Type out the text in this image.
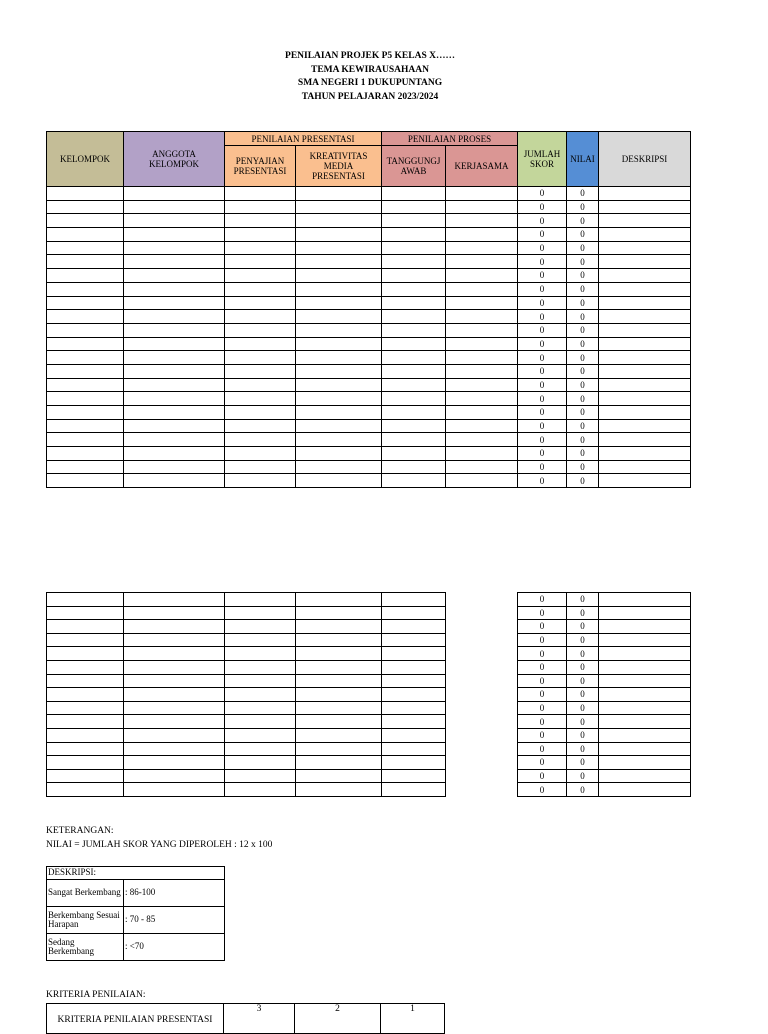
PENILAIAN PROJEK P5 KELAS X……
TEMA KEWIRAUSAHAAN
SMA NEGERI 1 DUKUPUNTANG
TAHUN PELAJARAN 2023/2024
KELOMPOK	ANGGOTA KELOMPOK	PENILAIAN PRESENTASI		PENILAIAN PROSES		JUMLAH SKOR	NILAI	DESKRIPSI
		PENYAJIAN PRESENTASI	KREATIVITAS MEDIA PRESENTASI	TANGGUNGJ AWAB	KERJASAMA			
						0	0	
						0	0	
						0	0	
						0	0	
						0	0	
						0	0	
						0	0	
						0	0	
						0	0	
						0	0	
						0	0	
						0	0	
						0	0	
						0	0	
						0	0	
						0	0	
						0	0	
						0	0	
						0	0	
						0	0	
						0	0	
						0	0	
						0	0	
						0	0	
						0	0	
						0	0	
						0	0	
						0	0	
						0	0	
						0	0	
						0	0	
						0	0	
						0	0	
						0	0	
						0	0	
						0	0	
						0	0	
KETERANGAN:
NILAI = JUMLAH SKOR YANG DIPEROLEH : 12 x 100
DESKRIPSI:	
Sangat Berkembang	: 86-100
Berkembang Sesuai Harapan	: 70 - 85
Sedang Berkembang	: <70
KRITERIA PENILAIAN:
KRITERIA PENILAIAN PRESENTASI	3	2	1
